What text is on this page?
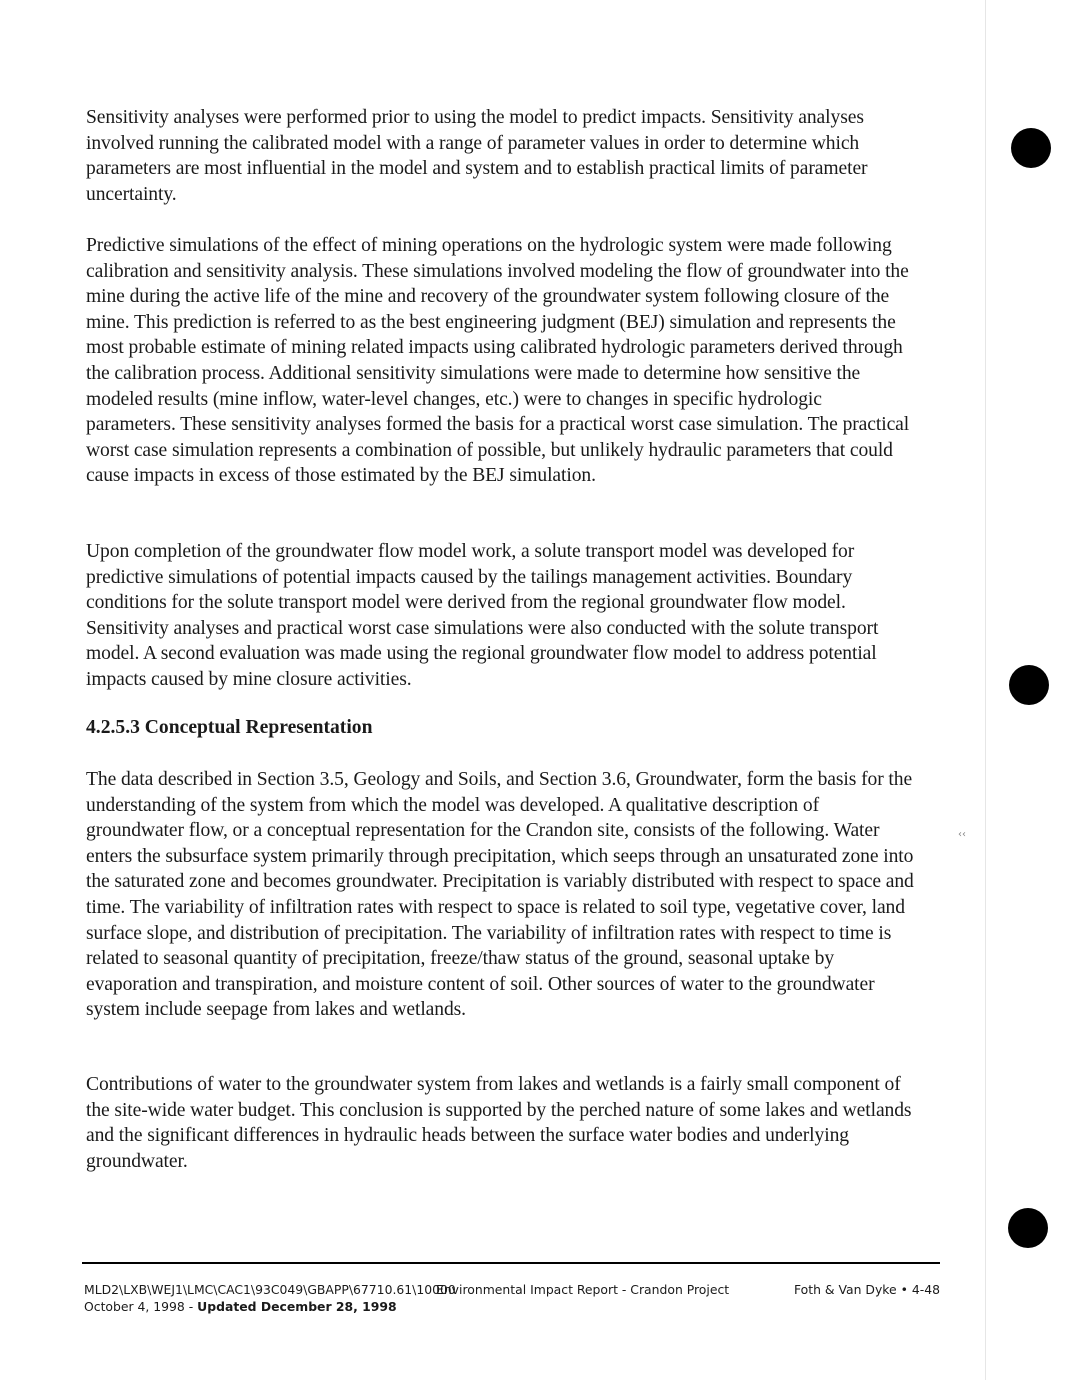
Sensitivity analyses were performed prior to using the model to predict impacts. Sensitivity analyses involved running the calibrated model with a range of parameter values in order to determine which parameters are most influential in the model and system and to establish practical limits of parameter uncertainty.

Predictive simulations of the effect of mining operations on the hydrologic system were made following calibration and sensitivity analysis. These simulations involved modeling the flow of groundwater into the mine during the active life of the mine and recovery of the groundwater system following closure of the mine. This prediction is referred to as the best engineering judgment (BEJ) simulation and represents the most probable estimate of mining related impacts using calibrated hydrologic parameters derived through the calibration process. Additional sensitivity simulations were made to determine how sensitive the modeled results (mine inflow, water-level changes, etc.) were to changes in specific hydrologic parameters. These sensitivity analyses formed the basis for a practical worst case simulation. The practical worst case simulation represents a combination of possible, but unlikely hydraulic parameters that could cause impacts in excess of those estimated by the BEJ simulation.

Upon completion of the groundwater flow model work, a solute transport model was developed for predictive simulations of potential impacts caused by the tailings management activities. Boundary conditions for the solute transport model were derived from the regional groundwater flow model. Sensitivity analyses and practical worst case simulations were also conducted with the solute transport model. A second evaluation was made using the regional groundwater flow model to address potential impacts caused by mine closure activities.

4.2.5.3 Conceptual Representation

The data described in Section 3.5, Geology and Soils, and Section 3.6, Groundwater, form the basis for the understanding of the system from which the model was developed. A qualitative description of groundwater flow, or a conceptual representation for the Crandon site, consists of the following. Water enters the subsurface system primarily through precipitation, which seeps through an unsaturated zone into the saturated zone and becomes groundwater. Precipitation is variably distributed with respect to space and time. The variability of infiltration rates with respect to space is related to soil type, vegetative cover, land surface slope, and distribution of precipitation. The variability of infiltration rates with respect to time is related to seasonal quantity of precipitation, freeze/thaw status of the ground, seasonal uptake by evaporation and transpiration, and moisture content of soil. Other sources of water to the groundwater system include seepage from lakes and wetlands.

Contributions of water to the groundwater system from lakes and wetlands is a fairly small component of the site-wide water budget. This conclusion is supported by the perched nature of some lakes and wetlands and the significant differences in hydraulic heads between the surface water bodies and underlying groundwater.

‹‹
MLD2\LXB\WEJ1\LMC\CAC1\93C049\GBAPP\67710.61\10000
Environmental Impact Report - Crandon Project	Foth & Van Dyke • 4-48
October 4, 1998 - Updated December 28, 1998
